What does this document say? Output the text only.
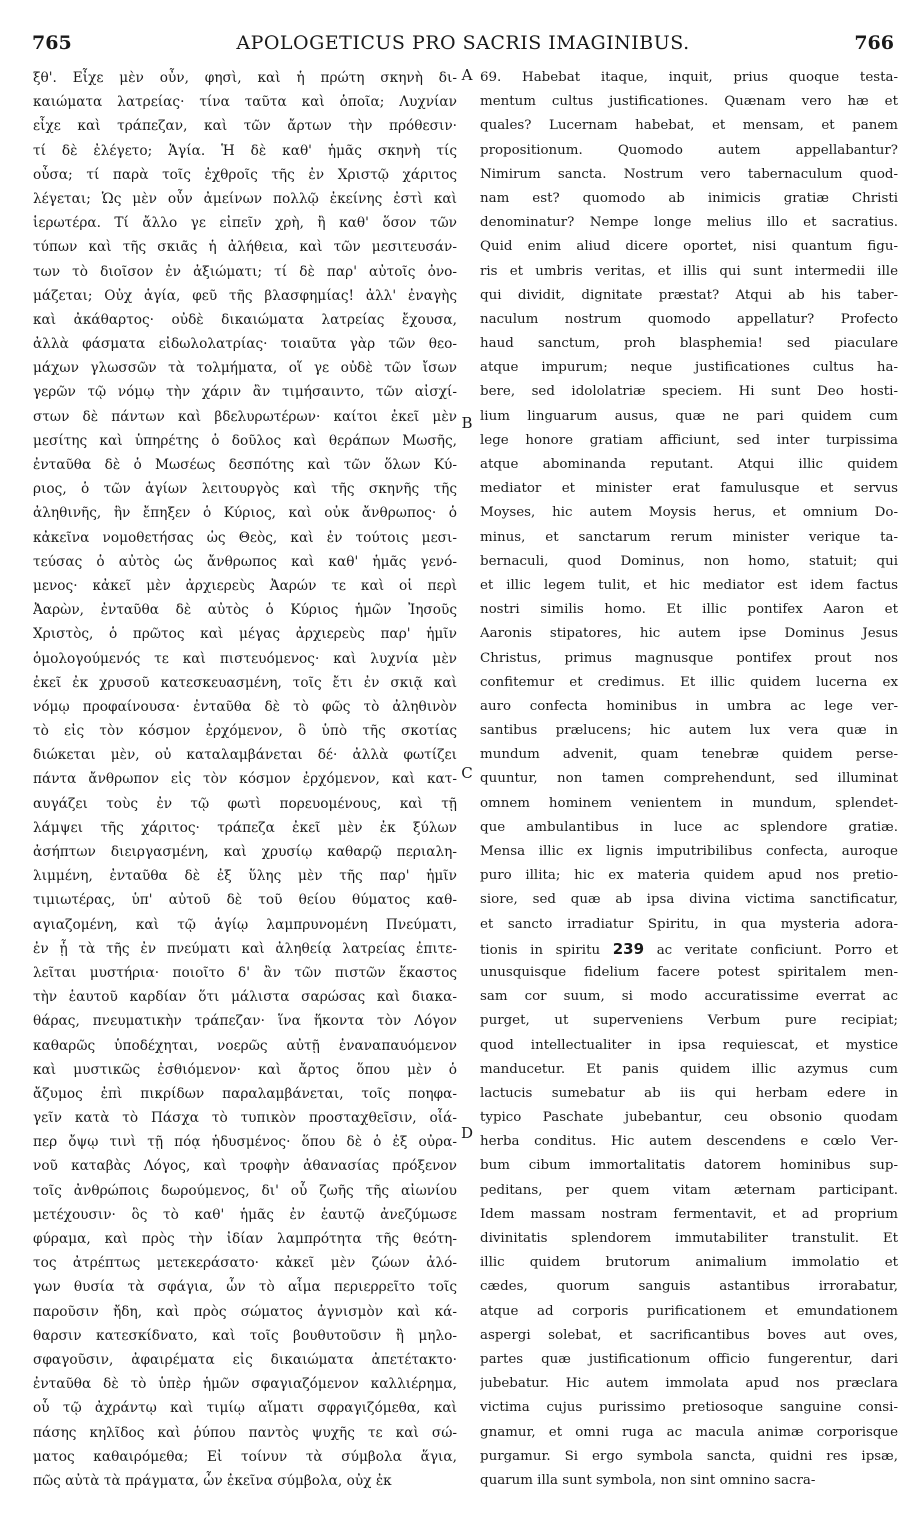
765	APOLOGETICUS PRO SACRIS IMAGINIBUS.	766
ξθ'. Εἶχε μὲν οὖν, φησὶ, καὶ ἡ πρώτη σκηνὴ δι-
καιώματα λατρείας· τίνα ταῦτα καὶ ὁποῖα; Λυχνίαν
εἶχε καὶ τράπεζαν, καὶ τῶν ἄρτων τὴν πρόθεσιν·
τί δὲ ἐλέγετο; Ἁγία. Ἡ δὲ καθ' ἡμᾶς σκηνὴ τίς
οὖσα; τί παρὰ τοῖς ἐχθροῖς τῆς ἐν Χριστῷ χάριτος
λέγεται; Ὡς μὲν οὖν ἀμείνων πολλῷ ἐκείνης ἐστὶ καὶ
ἱερωτέρα. Τί ἄλλο γε εἰπεῖν χρὴ, ἢ καθ' ὅσον τῶν
τύπων καὶ τῆς σκιᾶς ἡ ἀλήθεια, καὶ τῶν μεσιτευσάν-
των τὸ διοῖσον ἐν ἀξιώματι; τί δὲ παρ' αὐτοῖς ὀνο-
μάζεται; Οὐχ ἁγία, φεῦ τῆς βλασφημίας! ἀλλ' ἐναγὴς
καὶ ἀκάθαρτος· οὐδὲ δικαιώματα λατρείας ἔχουσα,
ἀλλὰ φάσματα εἰδωλολατρίας· τοιαῦτα γὰρ τῶν θεο-
μάχων γλωσσῶν τὰ τολμήματα, οἵ γε οὐδὲ τῶν ἴσων
γερῶν τῷ νόμῳ τὴν χάριν ἂν τιμήσαιντο, τῶν αἰσχί-
στων δὲ πάντων καὶ βδελυρωτέρων· καίτοι ἐκεῖ μὲν
μεσίτης καὶ ὑπηρέτης ὁ δοῦλος καὶ θεράπων Μωσῆς,
ἐνταῦθα δὲ ὁ Μωσέως δεσπότης καὶ τῶν ὅλων Κύ-
ριος, ὁ τῶν ἁγίων λειτουργὸς καὶ τῆς σκηνῆς τῆς
ἀληθινῆς, ἣν ἔπηξεν ὁ Κύριος, καὶ οὐκ ἄνθρωπος· ὁ
κἀκεῖνα νομοθετήσας ὡς Θεὸς, καὶ ἐν τούτοις μεσι-
τεύσας ὁ αὐτὸς ὡς ἄνθρωπος καὶ καθ' ἡμᾶς γενό-
μενος· κἀκεῖ μὲν ἀρχιερεὺς Ἀαρών τε καὶ οἱ περὶ
Ἀαρὼν, ἐνταῦθα δὲ αὐτὸς ὁ Κύριος ἡμῶν Ἰησοῦς
Χριστὸς, ὁ πρῶτος καὶ μέγας ἀρχιερεὺς παρ' ἡμῖν
ὁμολογούμενός τε καὶ πιστευόμενος· καὶ λυχνία μὲν
ἐκεῖ ἐκ χρυσοῦ κατεσκευασμένη, τοῖς ἔτι ἐν σκιᾷ καὶ
νόμῳ προφαίνουσα· ἐνταῦθα δὲ τὸ φῶς τὸ ἀληθινὸν
τὸ εἰς τὸν κόσμον ἐρχόμενον, ὃ ὑπὸ τῆς σκοτίας
διώκεται μὲν, οὐ καταλαμβάνεται δέ· ἀλλὰ φωτίζει
πάντα ἄνθρωπον εἰς τὸν κόσμον ἐρχόμενον, καὶ κατ-
αυγάζει τοὺς ἐν τῷ φωτὶ πορευομένους, καὶ τῇ
λάμψει τῆς χάριτος· τράπεζα ἐκεῖ μὲν ἐκ ξύλων
ἀσήπτων διειργασμένη, καὶ χρυσίῳ καθαρῷ περιαλη-
λιμμένη, ἐνταῦθα δὲ ἐξ ὕλης μὲν τῆς παρ' ἡμῖν
τιμιωτέρας, ὑπ' αὐτοῦ δὲ τοῦ θείου θύματος καθ-
αγιαζομένη, καὶ τῷ ἁγίῳ λαμπρυνομένη Πνεύματι,
ἐν ᾗ τὰ τῆς ἐν πνεύματι καὶ ἀληθείᾳ λατρείας ἐπιτε-
λεῖται μυστήρια· ποιοῖτο δ' ἂν τῶν πιστῶν ἕκαστος
τὴν ἑαυτοῦ καρδίαν ὅτι μάλιστα σαρώσας καὶ διακα-
θάρας, πνευματικὴν τράπεζαν· ἵνα ἥκοντα τὸν Λόγον
καθαρῶς ὑποδέχηται, νοερῶς αὐτῇ ἐναναπαυόμενον
καὶ μυστικῶς ἐσθιόμενον· καὶ ἄρτος ὅπου μὲν ὁ
ἄζυμος ἐπὶ πικρίδων παραλαμβάνεται, τοῖς ποηφα-
γεῖν κατὰ τὸ Πάσχα τὸ τυπικὸν προσταχθεῖσιν, οἷά-
περ ὄψῳ τινὶ τῇ πόᾳ ἡδυσμένος· ὅπου δὲ ὁ ἐξ οὐρα-
νοῦ καταβὰς Λόγος, καὶ τροφὴν ἀθανασίας πρόξενον
τοῖς ἀνθρώποις δωρούμενος, δι' οὗ ζωῆς τῆς αἰωνίου
μετέχουσιν· ὃς τὸ καθ' ἡμᾶς ἐν ἑαυτῷ ἀνεζύμωσε
φύραμα, καὶ πρὸς τὴν ἰδίαν λαμπρότητα τῆς θεότη-
τος ἀτρέπτως μετεκεράσατο· κἀκεῖ μὲν ζώων ἀλό-
γων θυσία τὰ σφάγια, ὧν τὸ αἷμα περιερρεῖτο τοῖς
παροῦσιν ἤδη, καὶ πρὸς σώματος ἁγνισμὸν καὶ κά-
θαρσιν κατεσκίδνατο, καὶ τοῖς βουθυτοῦσιν ἢ μηλο-
σφαγοῦσιν, ἀφαιρέματα εἰς δικαιώματα ἀπετέτακτο·
ἐνταῦθα δὲ τὸ ὑπὲρ ἡμῶν σφαγιαζόμενον καλλιέρημα,
οὗ τῷ ἀχράντῳ καὶ τιμίῳ αἵματι σφραγιζόμεθα, καὶ
πάσης κηλῖδος καὶ ῥύπου παντὸς ψυχῆς τε καὶ σώ-
ματος καθαιρόμεθα; Εἰ τοίνυν τὰ σύμβολα ἅγια,
πῶς αὐτὰ τὰ πράγματα, ὧν ἐκεῖνα σύμβολα, οὐχ ἐκ
A
B
C
D
69. Habebat itaque, inquit, prius quoque testa-
mentum cultus justificationes. Quænam vero hæ et
quales? Lucernam habebat, et mensam, et panem
propositionum. Quomodo autem appellabantur?
Nimirum sancta. Nostrum vero tabernaculum quod-
nam est? quomodo ab inimicis gratiæ Christi
denominatur? Nempe longe melius illo et sacratius.
Quid enim aliud dicere oportet, nisi quantum figu-
ris et umbris veritas, et illis qui sunt intermedii ille
qui dividit, dignitate præstat? Atqui ab his taber-
naculum nostrum quomodo appellatur? Profecto
haud sanctum, proh blasphemia! sed piaculare
atque impurum; neque justificationes cultus ha-
bere, sed idololatriæ speciem. Hi sunt Deo hosti-
lium linguarum ausus, quæ ne pari quidem cum
lege honore gratiam afficiunt, sed inter turpissima
atque abominanda reputant. Atqui illic quidem
mediator et minister erat famulusque et servus
Moyses, hic autem Moysis herus, et omnium Do-
minus, et sanctarum rerum minister verique ta-
bernaculi, quod Dominus, non homo, statuit; qui
et illic legem tulit, et hic mediator est idem factus
nostri similis homo. Et illic pontifex Aaron et
Aaronis stipatores, hic autem ipse Dominus Jesus
Christus, primus magnusque pontifex prout nos
confitemur et credimus. Et illic quidem lucerna ex
auro confecta hominibus in umbra ac lege ver-
santibus prælucens; hic autem lux vera quæ in
mundum advenit, quam tenebræ quidem perse-
quuntur, non tamen comprehendunt, sed illuminat
omnem hominem venientem in mundum, splendet-
que ambulantibus in luce ac splendore gratiæ.
Mensa illic ex lignis imputribilibus confecta, auroque
puro illita; hic ex materia quidem apud nos pretio-
siore, sed quæ ab ipsa divina victima sanctificatur,
et sancto irradiatur Spiritu, in qua mysteria adora-
tionis in spiritu 239 ac veritate conficiunt. Porro et
unusquisque fidelium facere potest spiritalem men-
sam cor suum, si modo accuratissime everrat ac
purget, ut superveniens Verbum pure recipiat;
quod intellectualiter in ipsa requiescat, et mystice
manducetur. Et panis quidem illic azymus cum
lactucis sumebatur ab iis qui herbam edere in
typico Paschate jubebantur, ceu obsonio quodam
herba conditus. Hic autem descendens e cœlo Ver-
bum cibum immortalitatis datorem hominibus sup-
peditans, per quem vitam æternam participant.
Idem massam nostram fermentavit, et ad proprium
divinitatis splendorem immutabiliter transtulit. Et
illic quidem brutorum animalium immolatio et
cædes, quorum sanguis astantibus irrorabatur,
atque ad corporis purificationem et emundationem
aspergi solebat, et sacrificantibus boves aut oves,
partes quæ justificationum officio fungerentur, dari
jubebatur. Hic autem immolata apud nos præclara
victima cujus purissimo pretiosoque sanguine consi-
gnamur, et omni ruga ac macula animæ corporisque
purgamur. Si ergo symbola sancta, quidni res ipsæ,
quarum illa sunt symbola, non sint omnino sacra-
